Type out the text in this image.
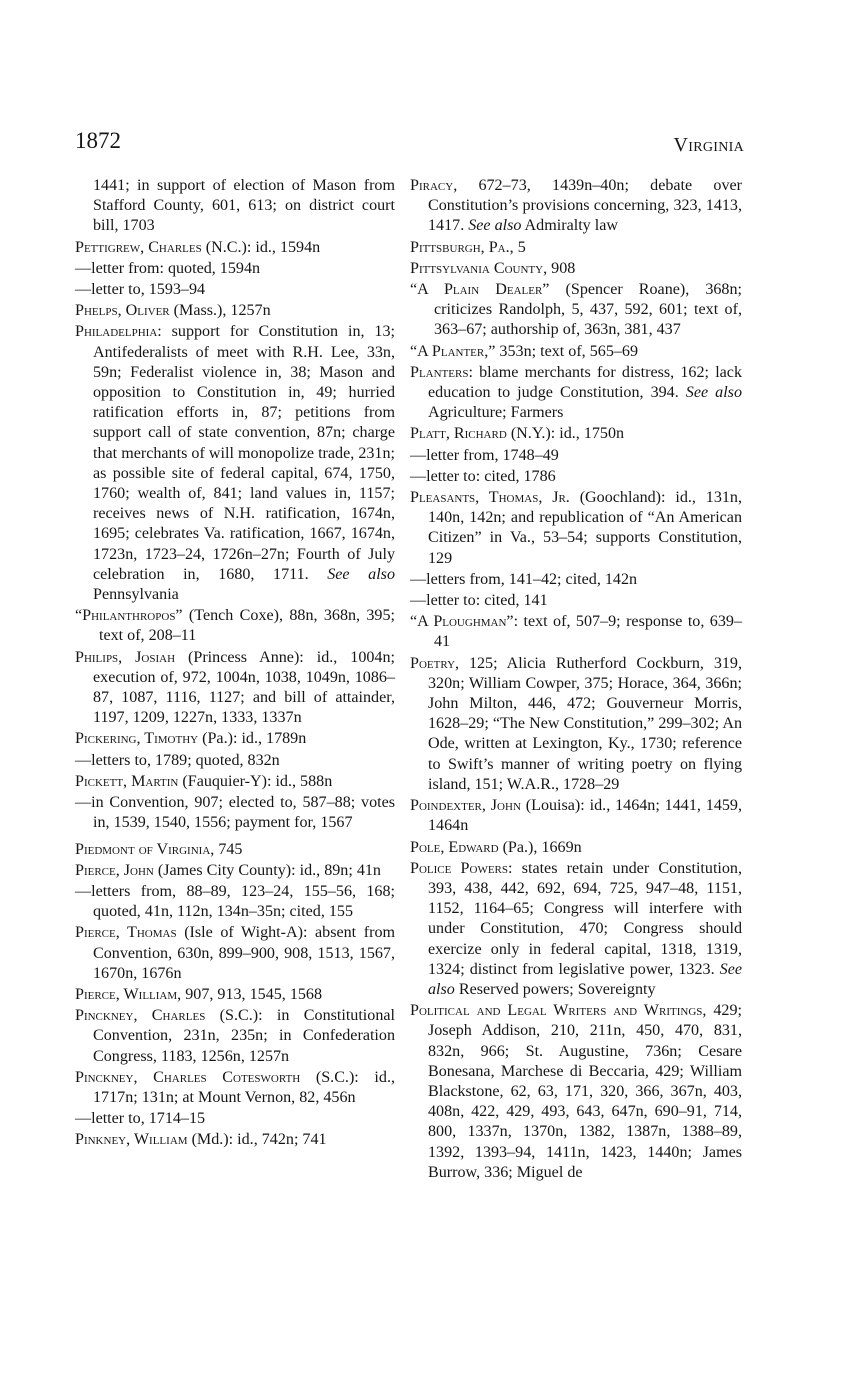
1872	Virginia
1441; in support of election of Mason from Stafford County, 601, 613; on district court bill, 1703
Pettigrew, Charles (N.C.): id., 1594n
—letter from: quoted, 1594n
—letter to, 1593–94
Phelps, Oliver (Mass.), 1257n
Philadelphia: support for Constitution in, 13; Antifederalists of meet with R.H. Lee, 33n, 59n; Federalist violence in, 38; Mason and opposition to Constitution in, 49; hurried ratification efforts in, 87; petitions from support call of state convention, 87n; charge that merchants of will monopolize trade, 231n; as possible site of federal capital, 674, 1750, 1760; wealth of, 841; land values in, 1157; receives news of N.H. ratification, 1674n, 1695; celebrates Va. ratification, 1667, 1674n, 1723n, 1723–24, 1726n–27n; Fourth of July celebration in, 1680, 1711. See also Pennsylvania
“Philanthropos” (Tench Coxe), 88n, 368n, 395; text of, 208–11
Philips, Josiah (Princess Anne): id., 1004n; execution of, 972, 1004n, 1038, 1049n, 1086–87, 1087, 1116, 1127; and bill of attainder, 1197, 1209, 1227n, 1333, 1337n
Pickering, Timothy (Pa.): id., 1789n
—letters to, 1789; quoted, 832n
Pickett, Martin (Fauquier-Y): id., 588n
—in Convention, 907; elected to, 587–88; votes in, 1539, 1540, 1556; payment for, 1567
Piedmont of Virginia, 745
Pierce, John (James City County): id., 89n; 41n
—letters from, 88–89, 123–24, 155–56, 168; quoted, 41n, 112n, 134n–35n; cited, 155
Pierce, Thomas (Isle of Wight-A): absent from Convention, 630n, 899–900, 908, 1513, 1567, 1670n, 1676n
Pierce, William, 907, 913, 1545, 1568
Pinckney, Charles (S.C.): in Constitutional Convention, 231n, 235n; in Confederation Congress, 1183, 1256n, 1257n
Pinckney, Charles Cotesworth (S.C.): id., 1717n; 131n; at Mount Vernon, 82, 456n
—letter to, 1714–15
Pinkney, William (Md.): id., 742n; 741
Piracy, 672–73, 1439n–40n; debate over Constitution’s provisions concerning, 323, 1413, 1417. See also Admiralty law
Pittsburgh, Pa., 5
Pittsylvania County, 908
“A Plain Dealer” (Spencer Roane), 368n; criticizes Randolph, 5, 437, 592, 601; text of, 363–67; authorship of, 363n, 381, 437
“A Planter,” 353n; text of, 565–69
Planters: blame merchants for distress, 162; lack education to judge Constitution, 394. See also Agriculture; Farmers
Platt, Richard (N.Y.): id., 1750n
—letter from, 1748–49
—letter to: cited, 1786
Pleasants, Thomas, Jr. (Goochland): id., 131n, 140n, 142n; and republication of “An American Citizen” in Va., 53–54; supports Constitution, 129
—letters from, 141–42; cited, 142n
—letter to: cited, 141
“A Ploughman”: text of, 507–9; response to, 639–41
Poetry, 125; Alicia Rutherford Cockburn, 319, 320n; William Cowper, 375; Horace, 364, 366n; John Milton, 446, 472; Gouverneur Morris, 1628–29; “The New Constitution,” 299–302; An Ode, written at Lexington, Ky., 1730; reference to Swift’s manner of writing poetry on flying island, 151; W.A.R., 1728–29
Poindexter, John (Louisa): id., 1464n; 1441, 1459, 1464n
Pole, Edward (Pa.), 1669n
Police Powers: states retain under Constitution, 393, 438, 442, 692, 694, 725, 947–48, 1151, 1152, 1164–65; Congress will interfere with under Constitution, 470; Congress should exercize only in federal capital, 1318, 1319, 1324; distinct from legislative power, 1323. See also Reserved powers; Sovereignty
Political and Legal Writers and Writings, 429; Joseph Addison, 210, 211n, 450, 470, 831, 832n, 966; St. Augustine, 736n; Cesare Bonesana, Marchese di Beccaria, 429; William Blackstone, 62, 63, 171, 320, 366, 367n, 403, 408n, 422, 429, 493, 643, 647n, 690–91, 714, 800, 1337n, 1370n, 1382, 1387n, 1388–89, 1392, 1393–94, 1411n, 1423, 1440n; James Burrow, 336; Miguel de
